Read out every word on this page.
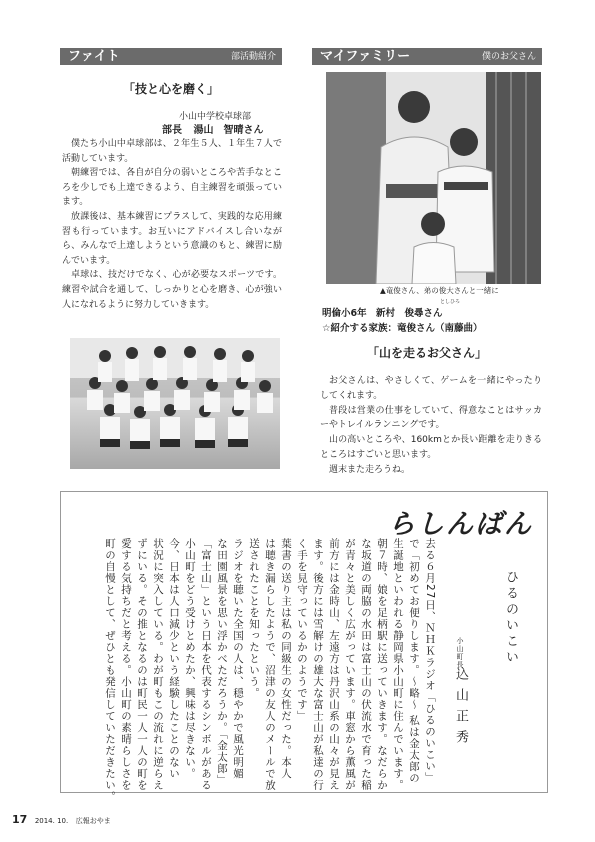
ファイト	部活動紹介	マイファミリー	僕のお父さん
「技と心を磨く」
小山中学校卓球部
部長 湯山　智晴さん
僕たち小山中卓球部は、２年生５人、１年生７人で活動しています。
朝練習では、各自が自分の弱いところや苦手なところを少しでも上達できるよう、自主練習を頑張っています。
放課後は、基本練習にプラスして、実践的な応用練習も行っています。お互いにアドバイスし合いながら、みんなで上達しようという意識のもと、練習に励んでいます。
卓球は、技だけでなく、心が必要なスポーツです。練習や試合を通して、しっかりと心を磨き、心が強い人になれるように努力していきます。
▲竜俊さん、弟の俊大さんと一緒に
明倫小6年 新村　俊尋さん
としひろ
☆紹介する家族：竜俊さん（南藤曲）
「山を走るお父さん」
お父さんは、やさしくて、ゲームを一緒にやったりしてくれます。
普段は営業の仕事をしていて、得意なことはサッカーやトレイルランニングです。
山の高いところや、160kmとか長い距離を走りきるところはすごいと思います。
週末また走ろうね。
らしんばん
ひるのいこい
小山町長
込山正秀
去る６月27日、ＮＨＫラジオ「ひるのいこい」
で「初めてお便りします。～略～ 私は金太郎の
生誕地といわれる静岡県小山町に住んでいます。
朝７時、娘を足柄駅に送っていきます。なだらか
な坂道の両脇の水田は富士山の伏流水で育った稲
が青々と美しく広がっています。車窓から薫風が
前方には金時山、左遠方は丹沢山系の山々が見え
ます。後方には雪解けの雄大な富士山が私達の行
く手を見守っているかのようです」
葉書の送り主は私の同級生の女性だった。本人
は聴き漏らしたようで、沼津の友人のメールで放
送されたことを知ったという。
ラジオを聴いた全国の人は、穏やかで風光明媚
な田園風景を思い浮かべただろうか。「金太郎」
「富士山」という日本を代表するシンボルがある
小山町をどう受けとめたか、興味は尽きない。
今、日本は人口減少という経験したことのない
状況に突入している。わが町もこの流れに逆らえ
ずにいる。その推となるのは町民一人一人の町を
愛する気持ちだと考える。小山町の素晴らしさを
町の自慢として、ぜひとも発信していただきたい。
17 2014. 10. 広報おやま
